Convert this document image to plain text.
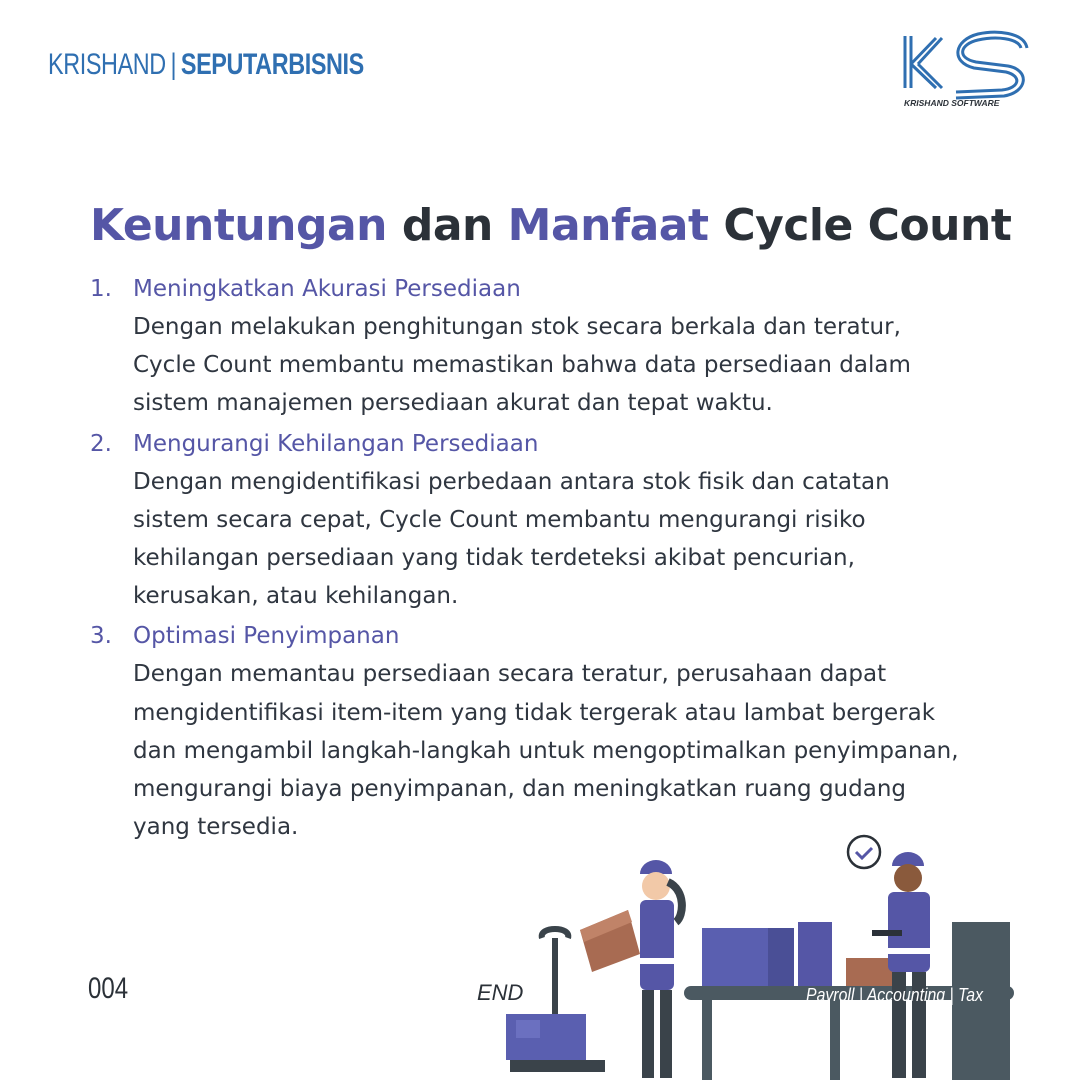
KRISHAND | SEPUTARBISNIS
KRISHAND SOFTWARE
Keuntungan dan Manfaat Cycle Count
1. Meningkatkan Akurasi Persediaan
Dengan melakukan penghitungan stok secara berkala dan teratur,
Cycle Count membantu memastikan bahwa data persediaan dalam
sistem manajemen persediaan akurat dan tepat waktu.
2. Mengurangi Kehilangan Persediaan
Dengan mengidentifikasi perbedaan antara stok fisik dan catatan
sistem secara cepat, Cycle Count membantu mengurangi risiko
kehilangan persediaan yang tidak terdeteksi akibat pencurian,
kerusakan, atau kehilangan.
3. Optimasi Penyimpanan
Dengan memantau persediaan secara teratur, perusahaan dapat
mengidentifikasi item-item yang tidak tergerak atau lambat bergerak
dan mengambil langkah-langkah untuk mengoptimalkan penyimpanan,
mengurangi biaya penyimpanan, dan meningkatkan ruang gudang
yang tersedia.
004	END	Payroll | Accounting | Tax
